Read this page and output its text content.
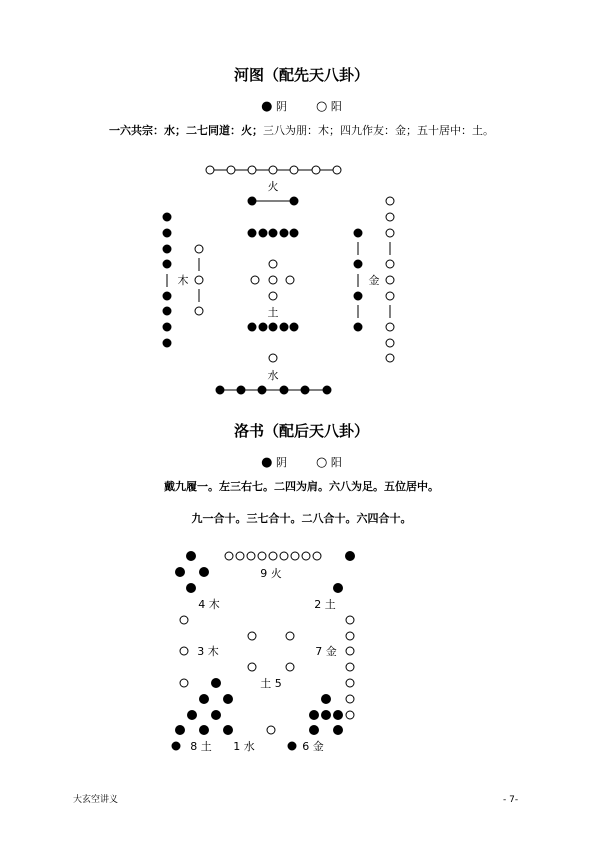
河图（配先天八卦）
● 阴 ○ 阳
一六共宗：水；二七同道：火；三八为朋：木；四九作友：金；五十居中：土。
洛书（配后天八卦）
● 阴 ○ 阳
戴九履一。左三右七。二四为肩。六八为足。五位居中。
九一合十。三七合十。二八合十。六四合十。
火
木	金
土
水
9 火
4 木	2 土
3 木	7 金
土 5
8 土 1 水	6 金
大玄空讲义	- 7-
